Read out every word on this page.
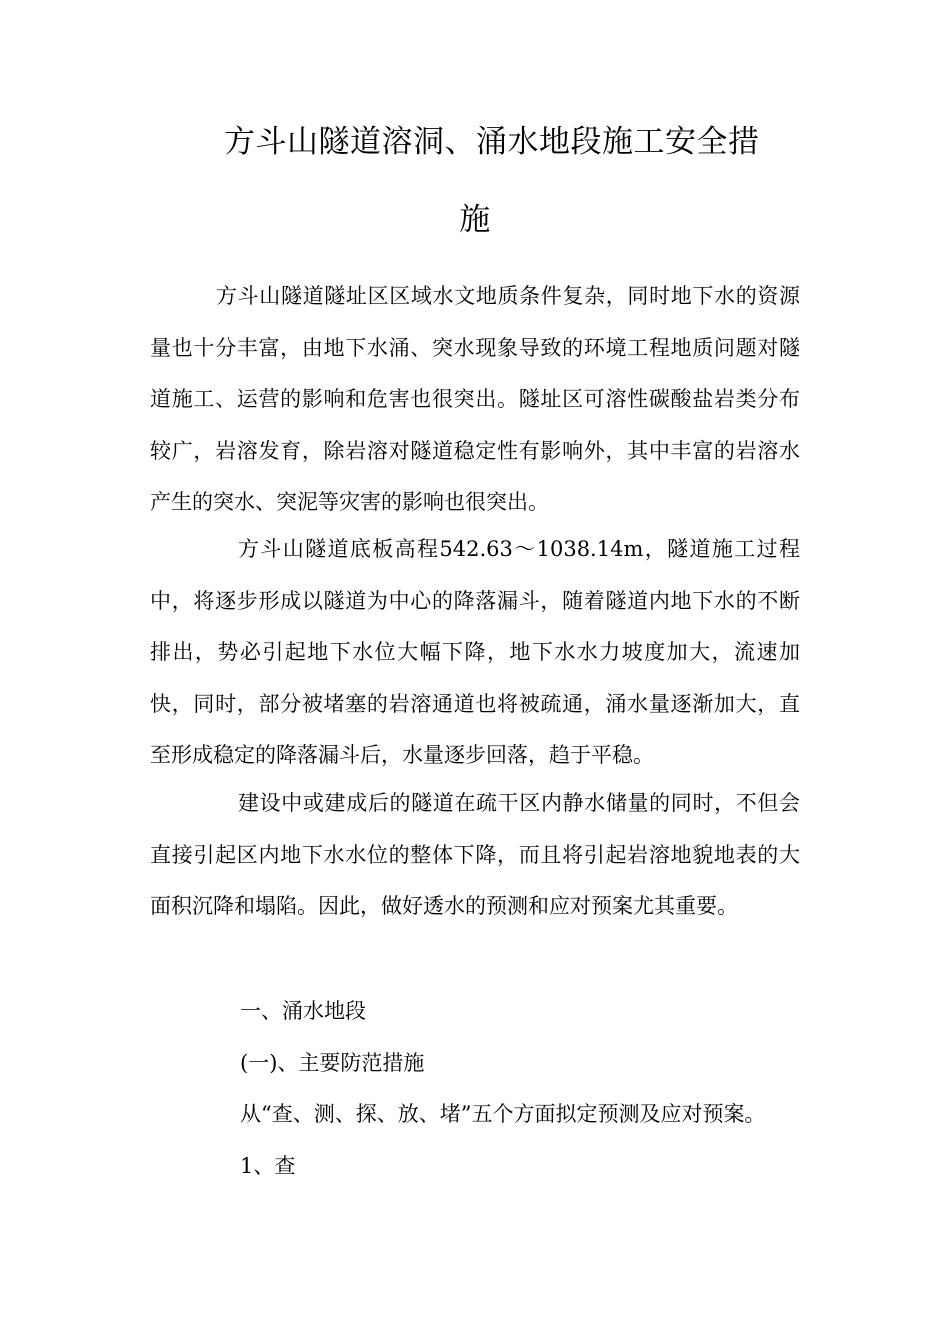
方斗山隧道溶洞、涌水地段施工安全措
施
方斗山隧道隧址区区域水文地质条件复杂，同时地下水的资源量也十分丰富，由地下水涌、突水现象导致的环境工程地质问题对隧道施工、运营的影响和危害也很突出。隧址区可溶性碳酸盐岩类分布较广，岩溶发育，除岩溶对隧道稳定性有影响外，其中丰富的岩溶水产生的突水、突泥等灾害的影响也很突出。
方斗山隧道底板高程542.63～1038.14m，隧道施工过程中，将逐步形成以隧道为中心的降落漏斗，随着隧道内地下水的不断排出，势必引起地下水位大幅下降，地下水水力坡度加大，流速加快，同时，部分被堵塞的岩溶通道也将被疏通，涌水量逐渐加大，直至形成稳定的降落漏斗后，水量逐步回落，趋于平稳。
建设中或建成后的隧道在疏干区内静水储量的同时，不但会直接引起区内地下水水位的整体下降，而且将引起岩溶地貌地表的大面积沉降和塌陷。因此，做好透水的预测和应对预案尤其重要。
一、涌水地段
(一)、主要防范措施
从“查、测、探、放、堵”五个方面拟定预测及应对预案。
1、查
